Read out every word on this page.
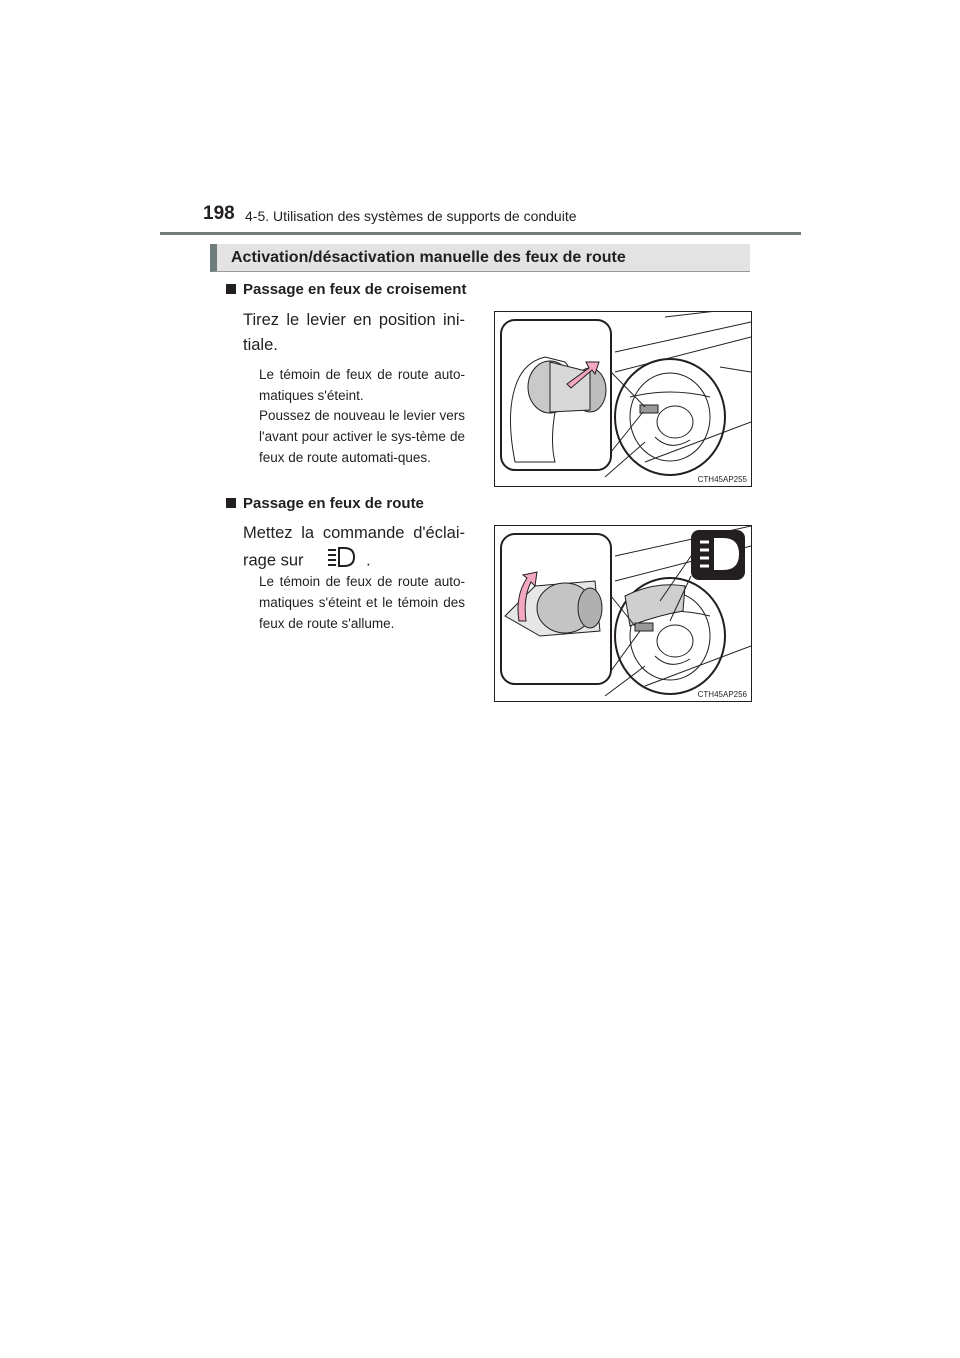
198 4-5. Utilisation des systèmes de supports de conduite
Activation/désactivation manuelle des feux de route
Passage en feux de croisement
Tirez le levier en position ini-tiale.
Le témoin de feux de route auto-matiques s'éteint.
Poussez de nouveau le levier vers l'avant pour activer le sys-tème de feux de route automati-ques.
CTH45AP255
Passage en feux de route
Mettez la commande d'éclai-rage sur	.
Le témoin de feux de route auto-matiques s'éteint et le témoin des feux de route s'allume.
CTH45AP256
